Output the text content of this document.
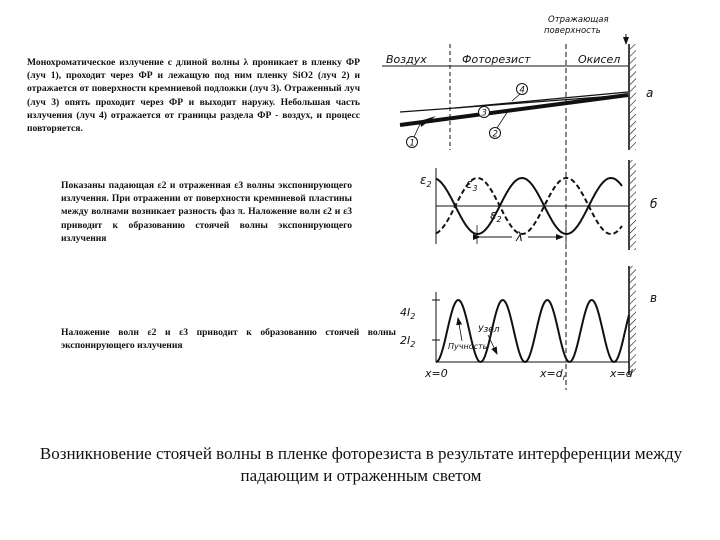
Монохроматическое излучение с длиной волны λ проникает в пленку ФР (луч 1), проходит через ФР и лежащую под ним пленку SiO2 (луч 2) и отражается от поверхности кремниевой подложки (луч 3). Отраженный луч (луч 3) опять проходит через ФР и выходит наружу. Небольшая часть излучения (луч 4) отражается от границы раздела ФР - воздух, и процесс повторяется.

Показаны падающая ε2 и отраженная ε3 волны экспонирующего излучения. При отражении от поверхности кремниевой пластины между волнами возникает разность фаз π. Наложение волн ε2 и ε3 приводит к образованию стоячей волны экспонирующего излучения

Наложение волн ε2 и ε3 приводит к образованию стоячей волны экспонирующего излучения

Возникновение стоячей волны в пленке фоторезиста в результате интерференции между падающим и отраженным светом

Отражающая
поверхность
Воздух	Фоторезист	Окисел
1
2
3
4	a
$\varepsilon_2$	$\varepsilon_3$
$\varepsilon_2$
λ
б
$4I_2$
$2I_2$
Узел
Пучность
x=0	$x=d_r$	x=d
в
